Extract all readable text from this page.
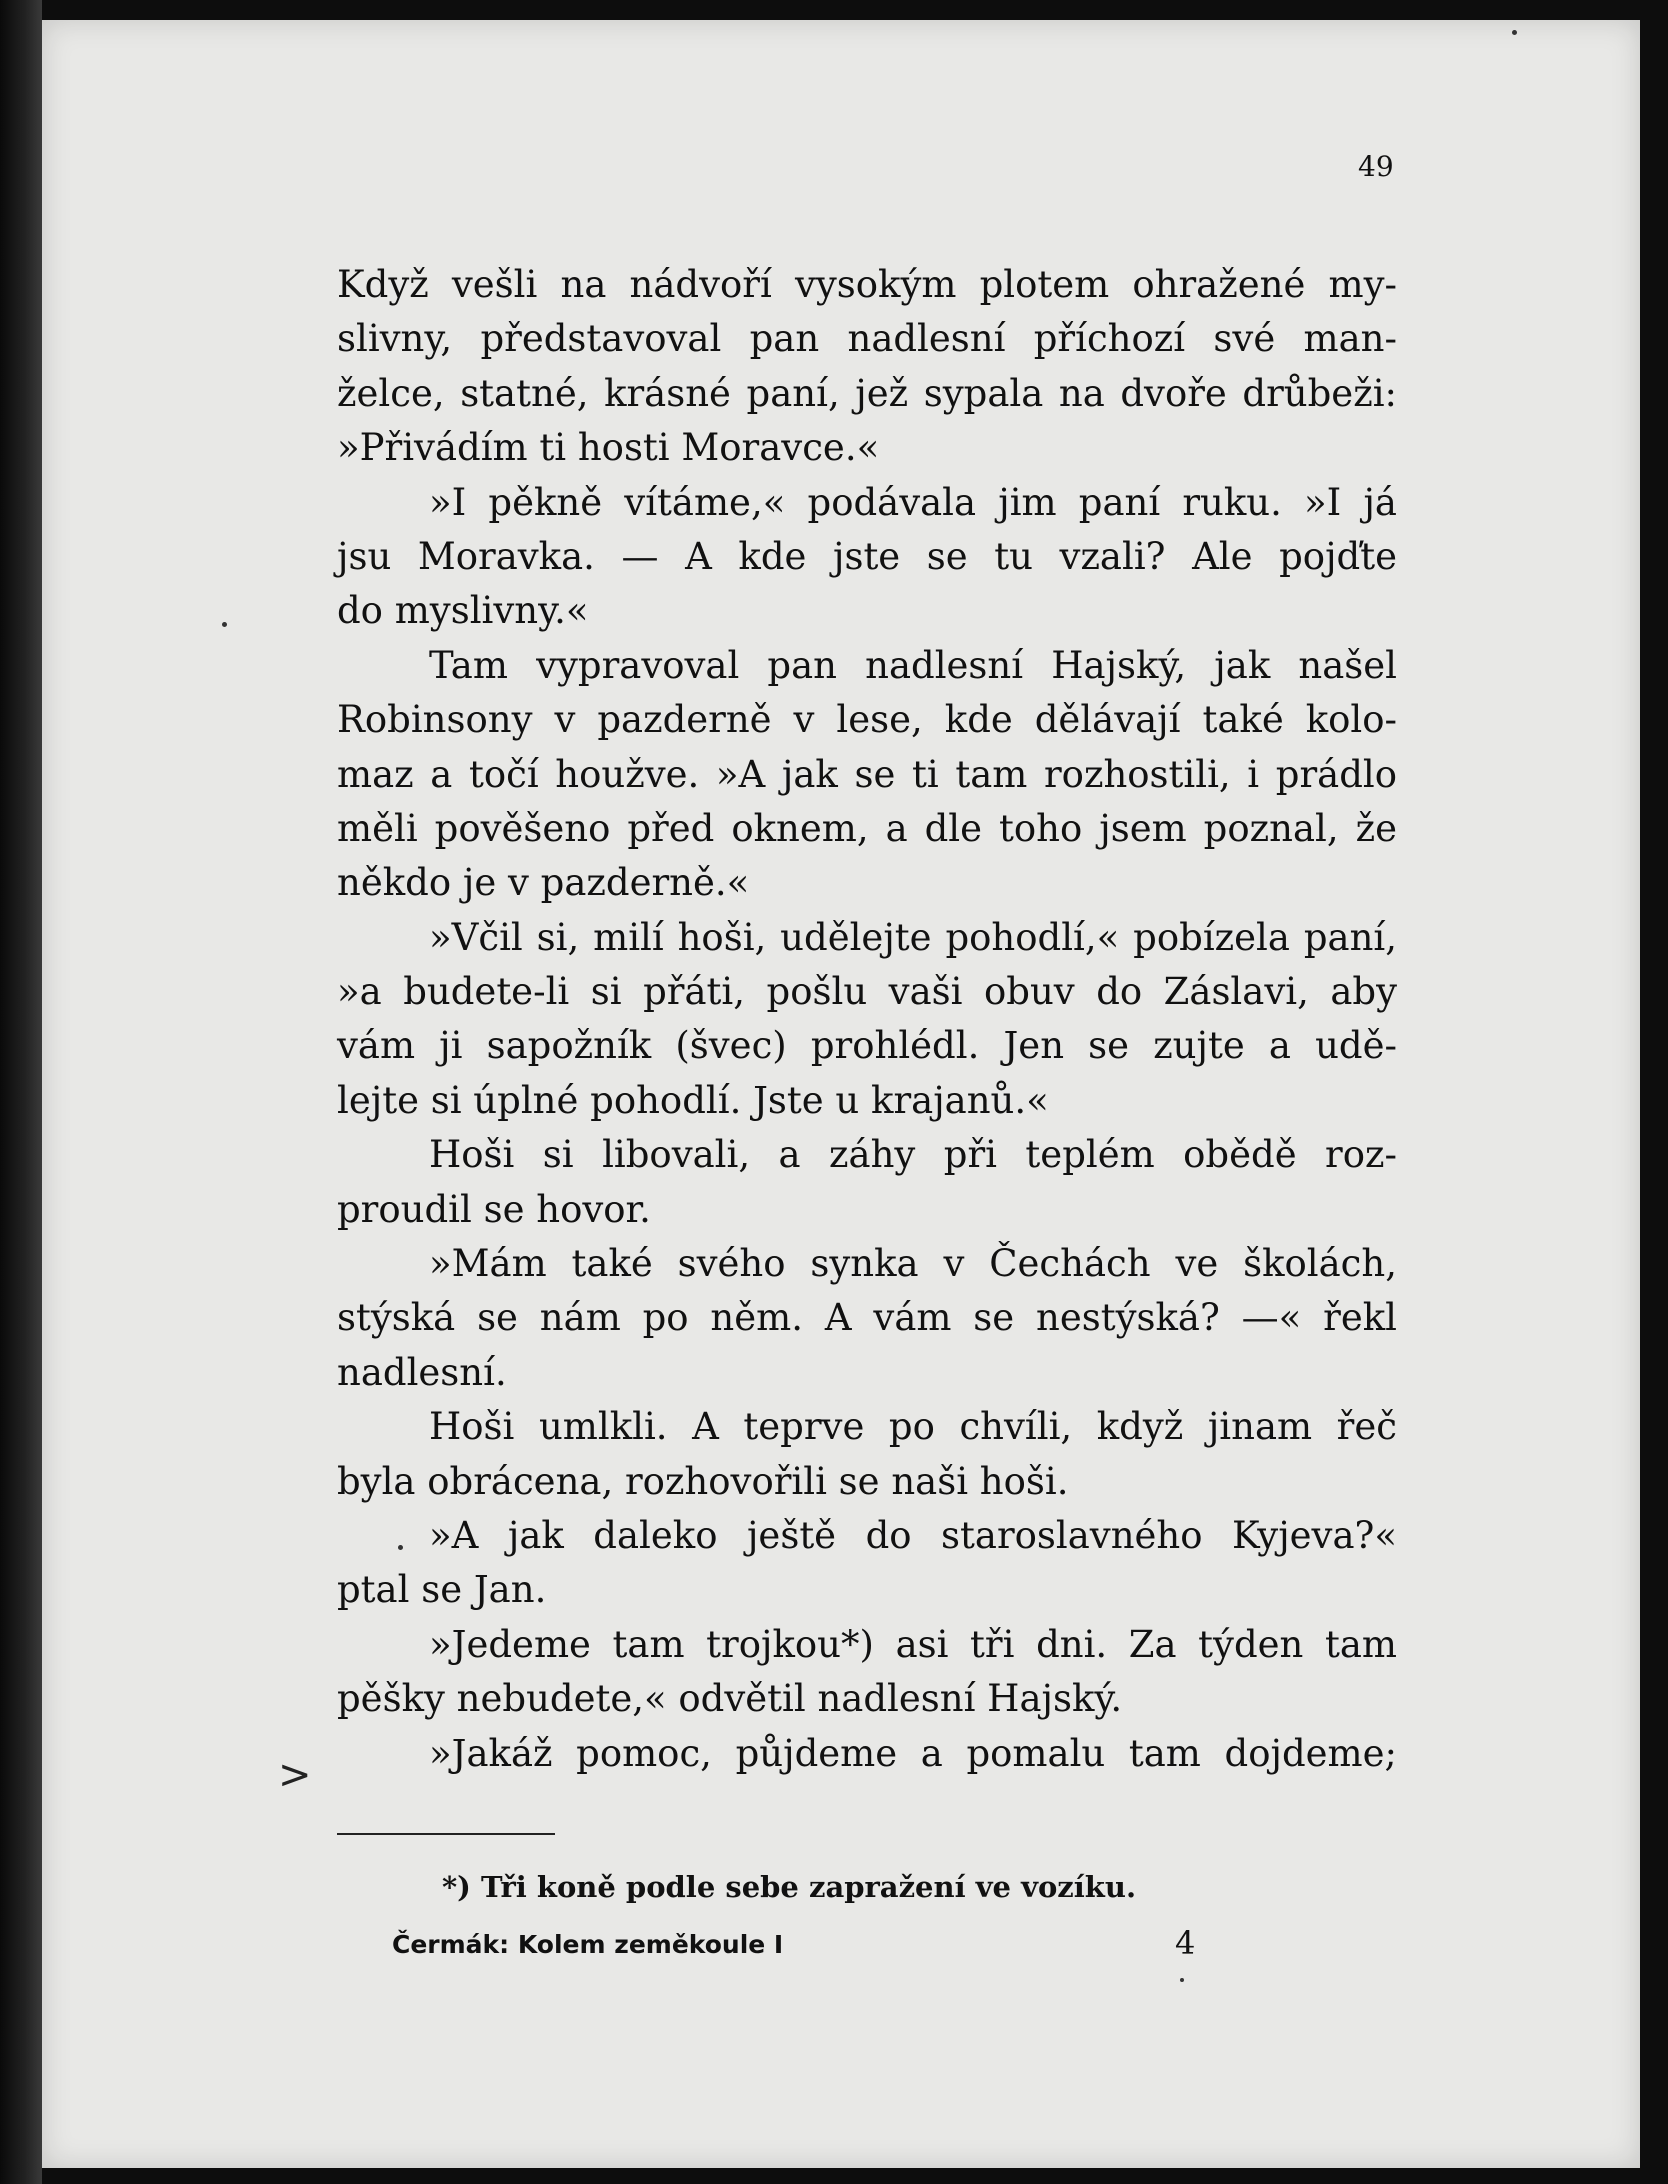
49
Když vešli na nádvoří vysokým plotem ohražené my-
slivny, představoval pan nadlesní příchozí své man-
želce, statné, krásné paní, jež sypala na dvoře drůbeži:
»Přivádím ti hosti Moravce.«
»I pěkně vítáme,« podávala jim paní ruku. »I já
jsu Moravka. — A kde jste se tu vzali? Ale pojďte
do myslivny.«
Tam vypravoval pan nadlesní Hajský, jak našel
Robinsony v pazderně v lese, kde dělávají také kolo-
maz a točí houžve. »A jak se ti tam rozhostili, i prádlo
měli pověšeno před oknem, a dle toho jsem poznal, že
někdo je v pazderně.«
»Včil si, milí hoši, udělejte pohodlí,« pobízela paní,
»a budete-li si přáti, pošlu vaši obuv do Záslavi, aby
vám ji sapožník (švec) prohlédl. Jen se zujte a udě-
lejte si úplné pohodlí. Jste u krajanů.«
Hoši si libovali, a záhy při teplém obědě roz-
proudil se hovor.
»Mám také svého synka v Čechách ve školách,
stýská se nám po něm. A vám se nestýská? —« řekl
nadlesní.
Hoši umlkli. A teprve po chvíli, když jinam řeč
byla obrácena, rozhovořili se naši hoši.
»A jak daleko ještě do staroslavného Kyjeva?«
ptal se Jan.
»Jedeme tam trojkou*) asi tři dni. Za týden tam
pěšky nebudete,« odvětil nadlesní Hajský.
»Jakáž pomoc, půjdeme a pomalu tam dojdeme;
>
*) Tři koně podle sebe zapražení ve vozíku.
Čermák: Kolem zeměkoule I	4
